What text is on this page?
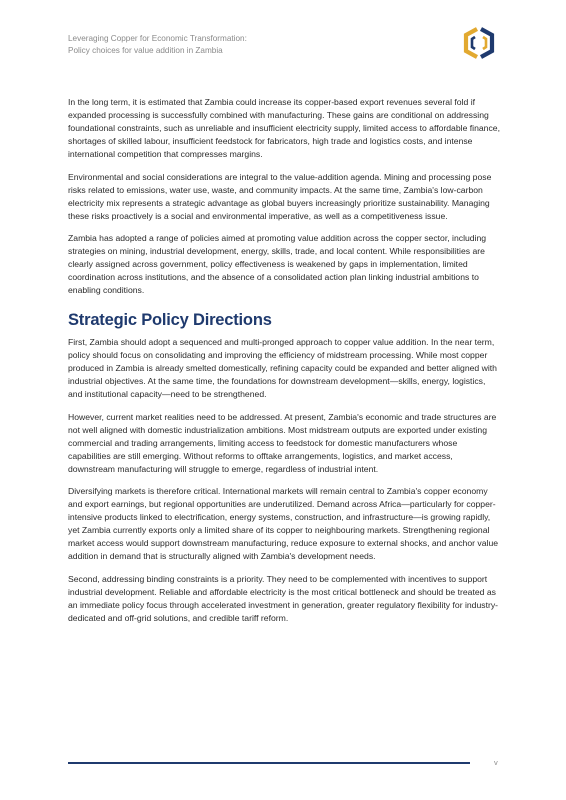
Leveraging Copper for Economic Transformation:
Policy choices for value addition in Zambia

In the long term, it is estimated that Zambia could increase its copper-based export revenues several fold if expanded processing is successfully combined with manufacturing. These gains are conditional on addressing foundational constraints, such as unreliable and insufficient electricity supply, limited access to affordable finance, shortages of skilled labour, insufficient feedstock for fabricators, high trade and logistics costs, and intense international competition that compresses margins.

Environmental and social considerations are integral to the value-addition agenda. Mining and processing pose risks related to emissions, water use, waste, and community impacts. At the same time, Zambia's low-carbon electricity mix represents a strategic advantage as global buyers increasingly prioritize sustainability. Managing these risks proactively is a social and environmental imperative, as well as a competitiveness issue.

Zambia has adopted a range of policies aimed at promoting value addition across the copper sector, including strategies on mining, industrial development, energy, skills, trade, and local content. While responsibilities are clearly assigned across government, policy effectiveness is weakened by gaps in implementation, limited coordination across institutions, and the absence of a consolidated action plan linking industrial ambitions to enabling conditions.

Strategic Policy Directions

First, Zambia should adopt a sequenced and multi-pronged approach to copper value addition. In the near term, policy should focus on consolidating and improving the efficiency of midstream processing. While most copper produced in Zambia is already smelted domestically, refining capacity could be expanded and better aligned with industrial objectives. At the same time, the foundations for downstream development—skills, energy, logistics, and institutional capacity—need to be strengthened.

However, current market realities need to be addressed. At present, Zambia's economic and trade structures are not well aligned with domestic industrialization ambitions. Most midstream outputs are exported under existing commercial and trading arrangements, limiting access to feedstock for domestic manufacturers whose capabilities are still emerging. Without reforms to offtake arrangements, logistics, and market access, downstream manufacturing will struggle to emerge, regardless of industrial intent.

Diversifying markets is therefore critical. International markets will remain central to Zambia's copper economy and export earnings, but regional opportunities are underutilized. Demand across Africa—particularly for copper-intensive products linked to electrification, energy systems, construction, and infrastructure—is growing rapidly, yet Zambia currently exports only a limited share of its copper to neighbouring markets. Strengthening regional market access would support downstream manufacturing, reduce exposure to external shocks, and anchor value addition in demand that is structurally aligned with Zambia's development needs.

Second, addressing binding constraints is a priority. They need to be complemented with incentives to support industrial development. Reliable and affordable electricity is the most critical bottleneck and should be treated as an immediate policy focus through accelerated investment in generation, greater regulatory flexibility for industry-dedicated and off-grid solutions, and credible tariff reform.

v
